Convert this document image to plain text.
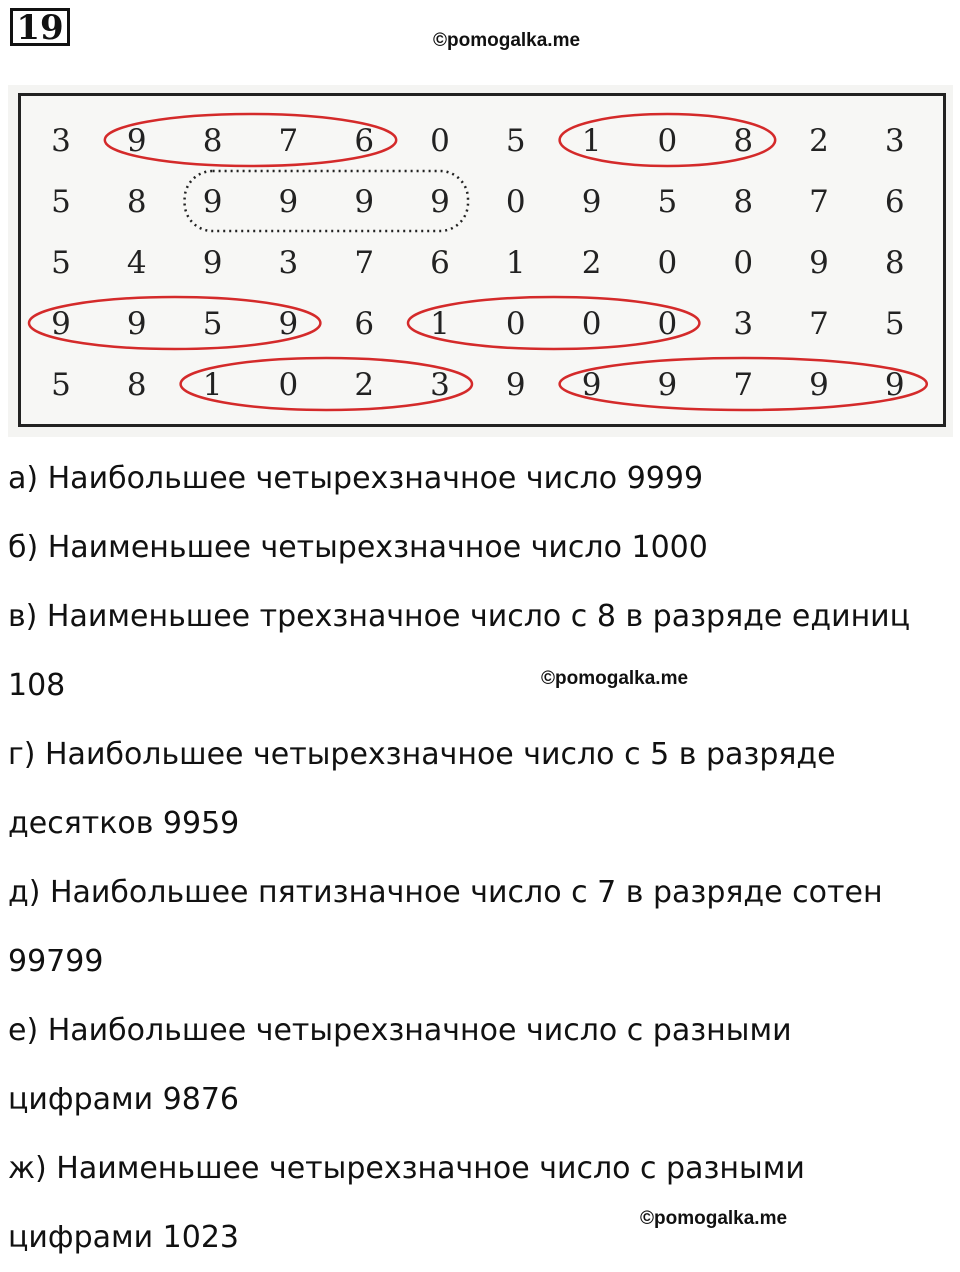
19	©pomogalka.me
3 9 8 7 6 0 5 1 0 8 2 3
5 8 9 9 9 9 0 9 5 8 7 6
5 4 9 3 7 6 1 2 0 0 9 8
9 9 5 9 6 1 0 0 0 3 7 5
5 8 1 0 2 3 9 9 9 7 9 9
а) Наибольшее четырехзначное число 9999
б) Наименьшее четырехзначное число 1000
в) Наименьшее трехзначное число с 8 в разряде единиц
108
г) Наибольшее четырехзначное число с 5 в разряде
десятков 9959
д) Наибольшее пятизначное число с 7 в разряде сотен
99799
е) Наибольшее четырехзначное число с разными
цифрами 9876
ж) Наименьшее четырехзначное число с разными
цифрами 1023
©pomogalka.me
©pomogalka.me
